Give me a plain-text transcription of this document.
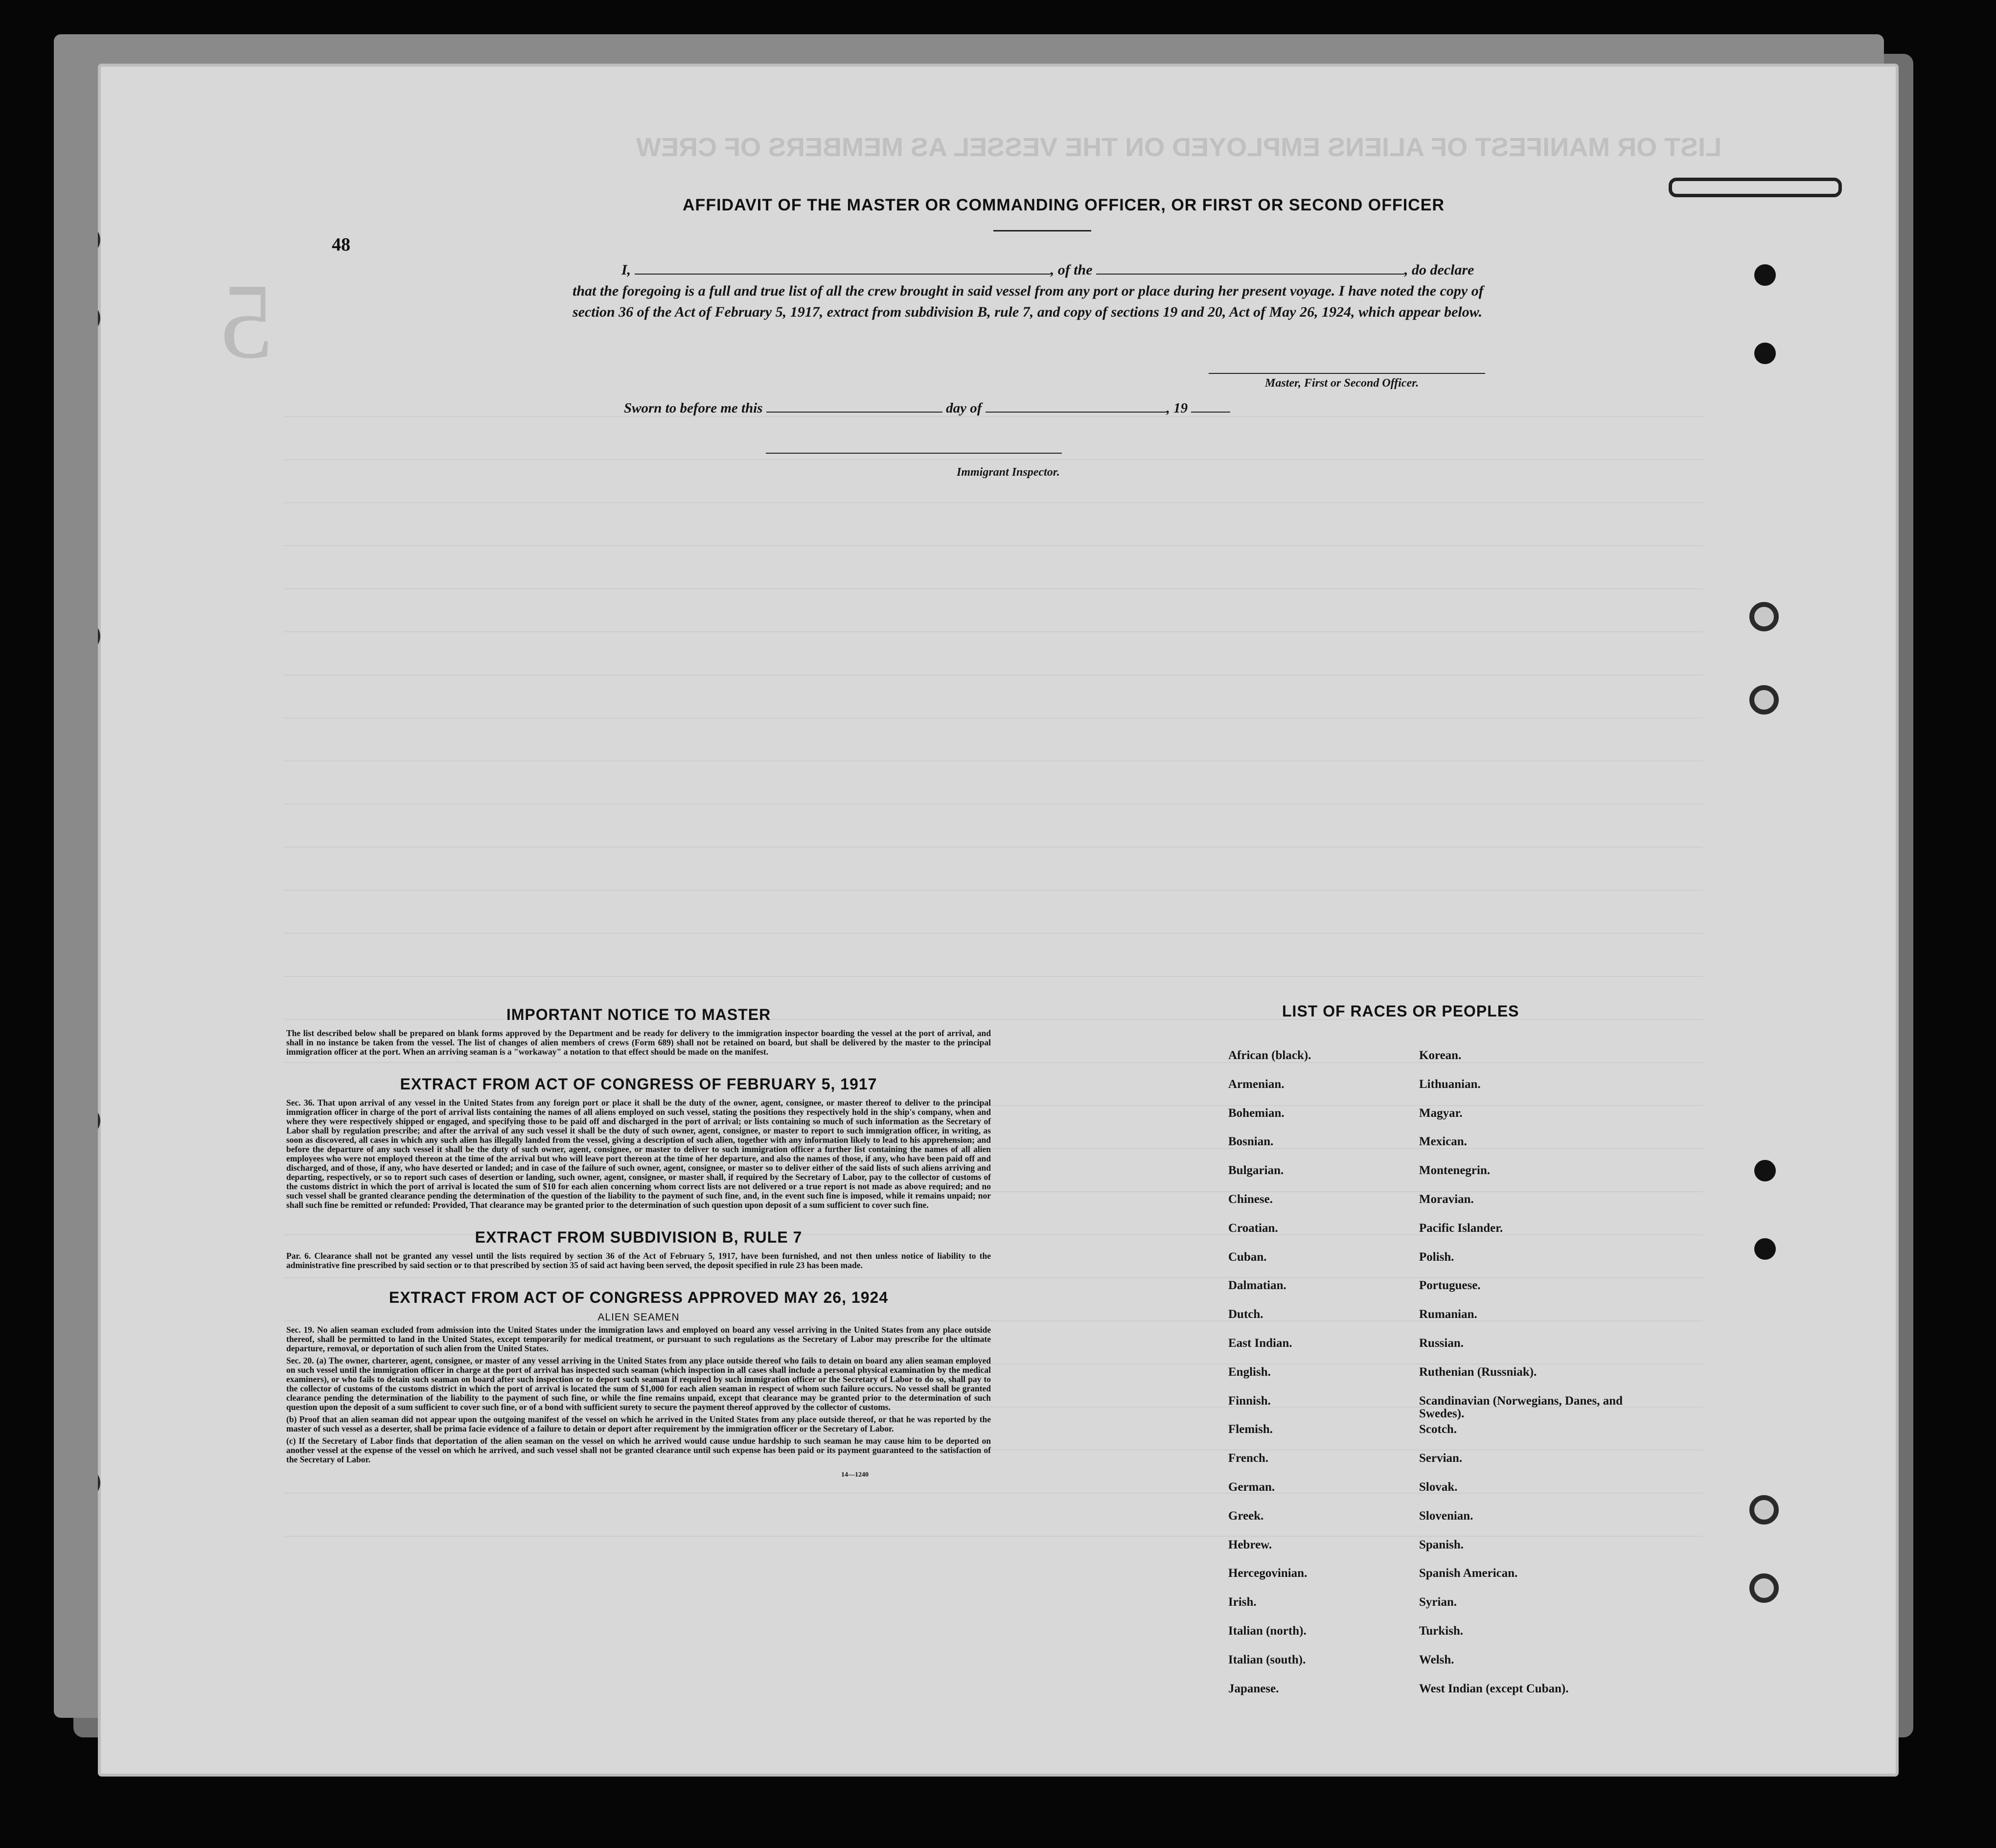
LIST OR MANIFEST OF ALIENS EMPLOYED ON THE VESSEL AS MEMBERS OF CREW
5
48
AFFIDAVIT OF THE MASTER OR COMMANDING OFFICER, OR FIRST OR SECOND OFFICER
I,	, of the	, do declare
that the foregoing is a full and true list of all the crew brought in said vessel from any port or place during her present voyage. I have noted the copy of section 36 of the Act of February 5, 1917, extract from subdivision B, rule 7, and copy of sections 19 and 20, Act of May 26, 1924, which appear below.
Master, First or Second Officer.
Sworn to before me this	day of	, 19
Immigrant Inspector.
IMPORTANT NOTICE TO MASTER

The list described below shall be prepared on blank forms approved by the Department and be ready for delivery to the immigration inspector boarding the vessel at the port of arrival, and shall in no instance be taken from the vessel. The list of changes of alien members of crews (Form 689) shall not be retained on board, but shall be delivered by the master to the principal immigration officer at the port. When an arriving seaman is a "workaway" a notation to that effect should be made on the manifest.

EXTRACT FROM ACT OF CONGRESS OF FEBRUARY 5, 1917

Sec. 36. That upon arrival of any vessel in the United States from any foreign port or place it shall be the duty of the owner, agent, consignee, or master thereof to deliver to the principal immigration officer in charge of the port of arrival lists containing the names of all aliens employed on such vessel, stating the positions they respectively hold in the ship's company, when and where they were respectively shipped or engaged, and specifying those to be paid off and discharged in the port of arrival; or lists containing so much of such information as the Secretary of Labor shall by regulation prescribe; and after the arrival of any such vessel it shall be the duty of such owner, agent, consignee, or master to report to such immigration officer, in writing, as soon as discovered, all cases in which any such alien has illegally landed from the vessel, giving a description of such alien, together with any information likely to lead to his apprehension; and before the departure of any such vessel it shall be the duty of such owner, agent, consignee, or master to deliver to such immigration officer a further list containing the names of all alien employees who were not employed thereon at the time of the arrival but who will leave port thereon at the time of her departure, and also the names of those, if any, who have been paid off and discharged, and of those, if any, who have deserted or landed; and in case of the failure of such owner, agent, consignee, or master so to deliver either of the said lists of such aliens arriving and departing, respectively, or so to report such cases of desertion or landing, such owner, agent, consignee, or master shall, if required by the Secretary of Labor, pay to the collector of customs of the customs district in which the port of arrival is located the sum of $10 for each alien concerning whom correct lists are not delivered or a true report is not made as above required; and no such vessel shall be granted clearance pending the determination of the question of the liability to the payment of such fine, and, in the event such fine is imposed, while it remains unpaid; nor shall such fine be remitted or refunded: Provided, That clearance may be granted prior to the determination of such question upon deposit of a sum sufficient to cover such fine.

EXTRACT FROM SUBDIVISION B, RULE 7

Par. 6. Clearance shall not be granted any vessel until the lists required by section 36 of the Act of February 5, 1917, have been furnished, and not then unless notice of liability to the administrative fine prescribed by said section or to that prescribed by section 35 of said act having been served, the deposit specified in rule 23 has been made.

EXTRACT FROM ACT OF CONGRESS APPROVED MAY 26, 1924
ALIEN SEAMEN

Sec. 19. No alien seaman excluded from admission into the United States under the immigration laws and employed on board any vessel arriving in the United States from any place outside thereof, shall be permitted to land in the United States, except temporarily for medical treatment, or pursuant to such regulations as the Secretary of Labor may prescribe for the ultimate departure, removal, or deportation of such alien from the United States.

Sec. 20. (a) The owner, charterer, agent, consignee, or master of any vessel arriving in the United States from any place outside thereof who fails to detain on board any alien seaman employed on such vessel until the immigration officer in charge at the port of arrival has inspected such seaman (which inspection in all cases shall include a personal physical examination by the medical examiners), or who fails to detain such seaman on board after such inspection or to deport such seaman if required by such immigration officer or the Secretary of Labor to do so, shall pay to the collector of customs of the customs district in which the port of arrival is located the sum of $1,000 for each alien seaman in respect of whom such failure occurs. No vessel shall be granted clearance pending the determination of the liability to the payment of such fine, or while the fine remains unpaid, except that clearance may be granted prior to the determination of such question upon the deposit of a sum sufficient to cover such fine, or of a bond with sufficient surety to secure the payment thereof approved by the collector of customs.

(b) Proof that an alien seaman did not appear upon the outgoing manifest of the vessel on which he arrived in the United States from any place outside thereof, or that he was reported by the master of such vessel as a deserter, shall be prima facie evidence of a failure to detain or deport after requirement by the immigration officer or the Secretary of Labor.

(c) If the Secretary of Labor finds that deportation of the alien seaman on the vessel on which he arrived would cause undue hardship to such seaman he may cause him to be deported on another vessel at the expense of the vessel on which he arrived, and such vessel shall not be granted clearance until such expense has been paid or its payment guaranteed to the satisfaction of the Secretary of Labor.

14—1240
LIST OF RACES OR PEOPLES
African (black).	Korean.
Armenian.	Lithuanian.
Bohemian.	Magyar.
Bosnian.	Mexican.
Bulgarian.	Montenegrin.
Chinese.	Moravian.
Croatian.	Pacific Islander.
Cuban.	Polish.
Dalmatian.	Portuguese.
Dutch.	Rumanian.
East Indian.	Russian.
English.	Ruthenian (Russniak).
Finnish.	Scandinavian (Norwegians, Danes, and Swedes).
Flemish.	Scotch.
French.	Servian.
German.	Slovak.
Greek.	Slovenian.
Hebrew.	Spanish.
Hercegovinian.	Spanish American.
Irish.	Syrian.
Italian (north).	Turkish.
Italian (south).	Welsh.
Japanese.	West Indian (except Cuban).
